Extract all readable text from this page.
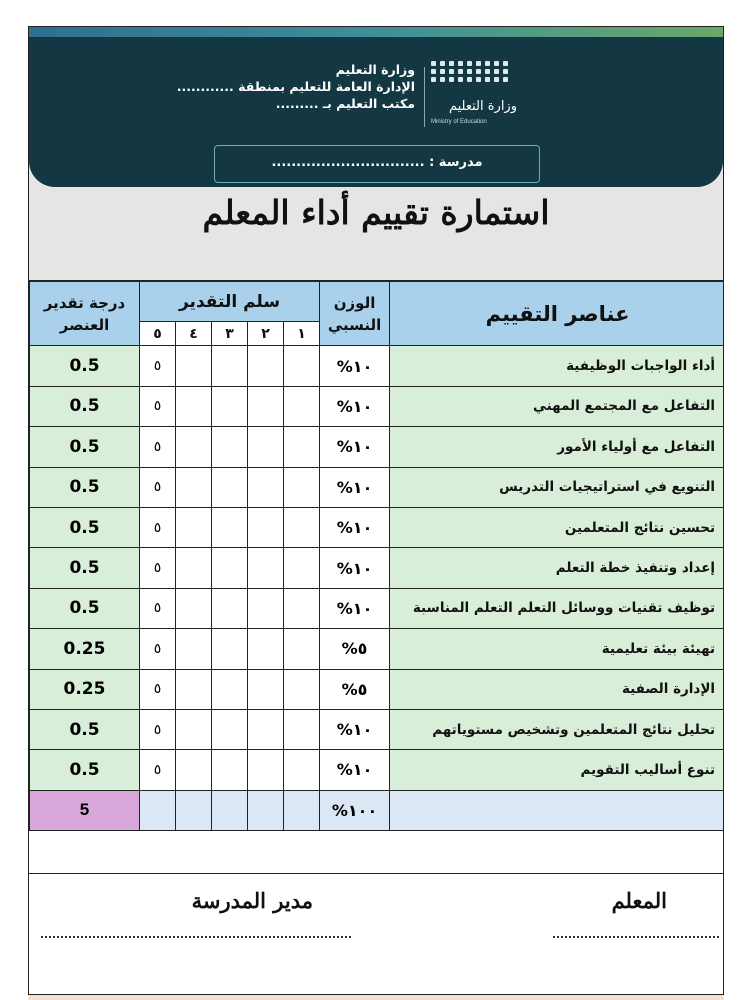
وزارة التعليم
Ministry of Education
وزارة التعليم
الإدارة العامة للتعليم بمنطقة ............
مكتب التعليم بـ .........
مدرسة : ...............................
استمارة تقييم أداء المعلم
عناصر التقييم	الوزن النسبي	سلم التقدير					درجة تقدير العنصر
		١	٢	٣	٤	٥	
أداء الواجبات الوظيفية	%١٠					٥	0.5
التفاعل مع المجتمع المهني	%١٠					٥	0.5
التفاعل مع أولياء الأمور	%١٠					٥	0.5
التنويع في استراتيجيات التدريس	%١٠					٥	0.5
تحسين نتائج المتعلمين	%١٠					٥	0.5
إعداد وتنفيذ خطة التعلم	%١٠					٥	0.5
توظيف تقنيات ووسائل التعلم التعلم المناسبة	%١٠					٥	0.5
تهيئة بيئة تعليمية	%٥					٥	0.25
الإدارة الصفية	%٥					٥	0.25
تحليل نتائج المتعلمين وتشخيص مستوياتهم	%١٠					٥	0.5
تنوع أساليب التقويم	%١٠					٥	0.5
	%١٠٠						5
المعلم
مدير المدرسة
